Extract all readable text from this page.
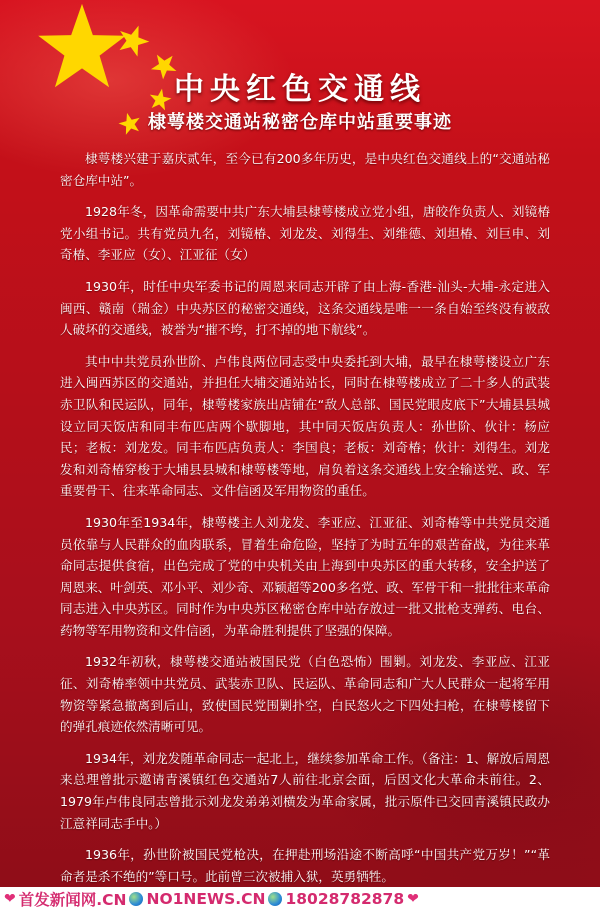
中央红色交通线
棣萼楼交通站秘密仓库中站重要事迹

棣萼楼兴建于嘉庆贰年，至今已有200多年历史，是中央红色交通线上的“交通站秘密仓库中站”。

1928年冬，因革命需要中共广东大埔县棣萼楼成立党小组，唐皎作负责人、刘镜椿党小组书记。共有党员九名，刘镜椿、刘龙发、刘得生、刘维德、刘坦椿、刘巨申、刘奇椿、李亚应（女）、江亚征（女）

1930年，时任中央军委书记的周恩来同志开辟了由上海-香港-汕头-大埔-永定进入闽西、赣南（瑞金）中央苏区的秘密交通线，这条交通线是唯一一条自始至终没有被敌人破坏的交通线，被誉为“摧不垮，打不掉的地下航线”。

其中中共党员孙世阶、卢伟良两位同志受中央委托到大埔，最早在棣萼楼设立广东进入闽西苏区的交通站，并担任大埔交通站站长，同时在棣萼楼成立了二十多人的武装赤卫队和民运队，同年，棣萼楼家族出店铺在“敌人总部、国民党眼皮底下”大埔县县城设立同天饭店和同丰布匹店两个歇脚地，其中同天饭店负责人：孙世阶、伙计：杨应民；老板：刘龙发。同丰布匹店负责人：李国良；老板：刘奇椿；伙计：刘得生。刘龙发和刘奇椿穿梭于大埔县县城和棣萼楼等地，肩负着这条交通线上安全输送党、政、军重要骨干、往来革命同志、文件信函及军用物资的重任。

1930年至1934年，棣萼楼主人刘龙发、李亚应、江亚征、刘奇椿等中共党员交通员依靠与人民群众的血肉联系，冒着生命危险，坚持了为时五年的艰苦奋战，为往来革命同志提供食宿，出色完成了党的中央机关由上海到中央苏区的重大转移，安全护送了周恩来、叶剑英、邓小平、刘少奇、邓颖超等200多名党、政、军骨干和一批批往来革命同志进入中央苏区。同时作为中央苏区秘密仓库中站存放过一批又批枪支弹药、电台、药物等军用物资和文件信函，为革命胜利提供了坚强的保障。

1932年初秋，棣萼楼交通站被国民党（白色恐怖）围剿。刘龙发、李亚应、江亚征、刘奇椿率领中共党员、武装赤卫队、民运队、革命同志和广大人民群众一起将军用物资等紧急撤离到后山，致使国民党围剿扑空，白民怒火之下四处扫枪，在棣萼楼留下的弹孔痕迹依然清晰可见。

1934年，刘龙发随革命同志一起北上，继续参加革命工作。（备注：1、解放后周恩来总理曾批示邀请青溪镇红色交通站7人前往北京会面，后因文化大革命未前往。2、1979年卢伟良同志曾批示刘龙发弟弟刘横发为革命家属，批示原件已交回青溪镇民政办江意祥同志手中。）

1936年，孙世阶被国民党枪决，在押赴刑场沿途不断高呼“中国共产党万岁！”“革命者是杀不绝的”等口号。此前曾三次被捕入狱，英勇牺牲。

❤ 首发新闻网.CN NO1NEWS.CN 18028782878 ❤
